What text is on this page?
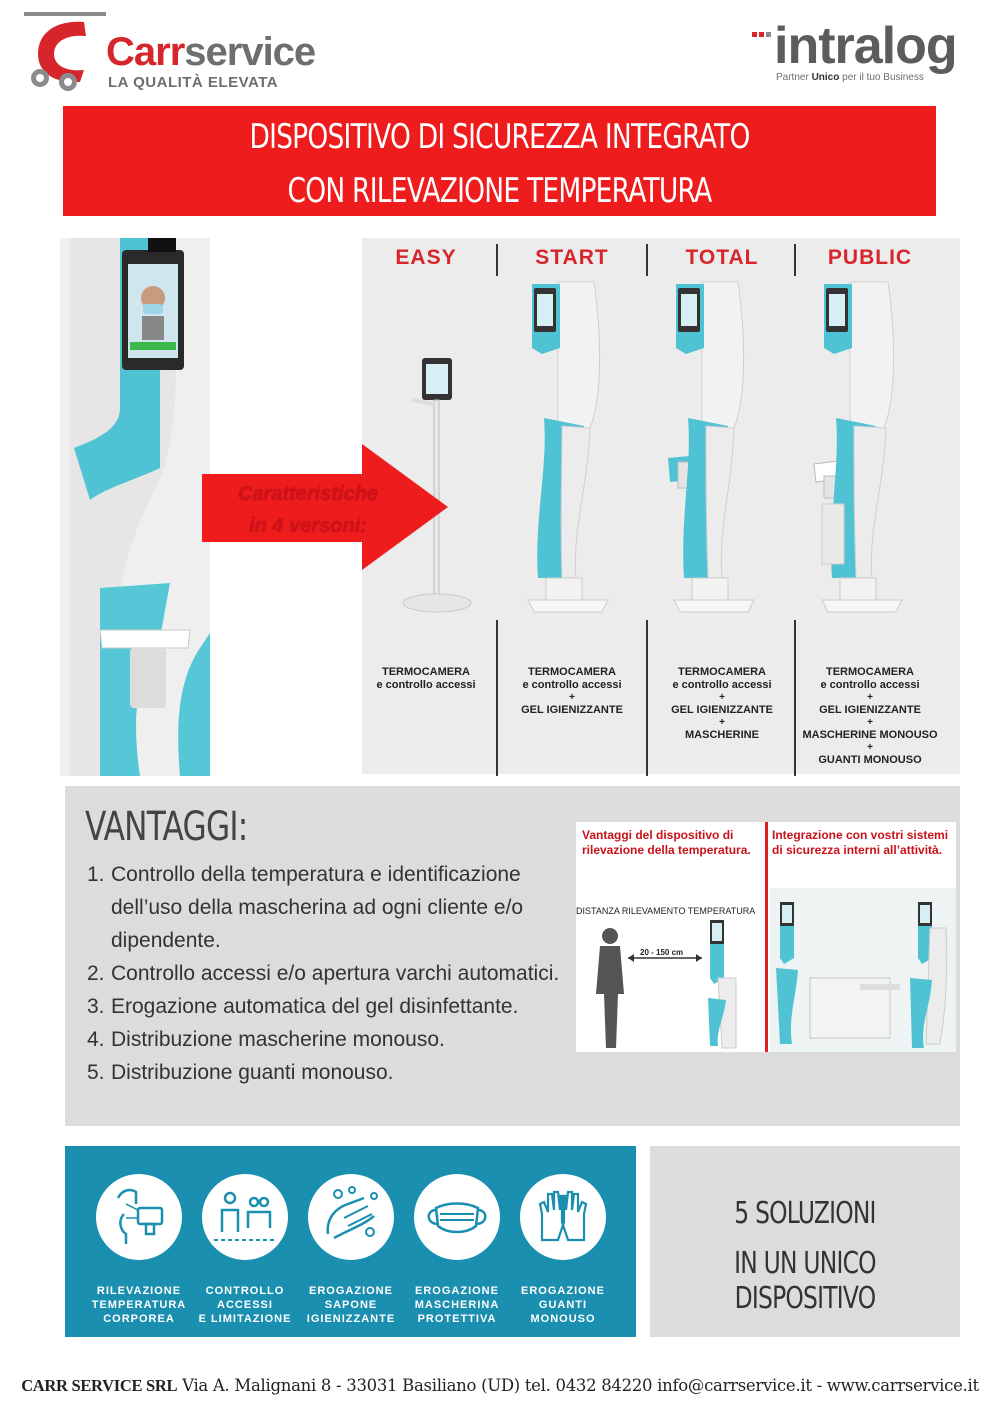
Carrservice
LA QUALITÀ ELEVATA
intralog
Partner Unico per il tuo Business
DISPOSITIVO DI SICUREZZA INTEGRATO
CON RILEVAZIONE TEMPERATURA
EASY
TERMOCAMERA
e controllo accessi
START
TERMOCAMERA
e controllo accessi
+
GEL IGIENIZZANTE
TOTAL
TERMOCAMERA
e controllo accessi
+
GEL IGIENIZZANTE
+
MASCHERINE
PUBLIC
TERMOCAMERA
e controllo accessi
+
GEL IGIENIZZANTE
+
MASCHERINE MONOUSO
+
GUANTI MONOUSO
Caratteristiche
in 4 versoni:
VANTAGGI:
1. Controllo della temperatura e identificazione dell’uso della mascherina ad ogni cliente e/o dipendente.
2. Controllo accessi e/o apertura varchi automatici.
3. Erogazione automatica del gel disinfettante.
4. Distribuzione mascherine monouso.
5. Distribuzione guanti monouso.
Vantaggi del dispositivo di rilevazione della temperatura.
Integrazione con vostri sistemi di sicurezza interni all’attività.
DISTANZA RILEVAMENTO TEMPERATURA
20 - 150 cm
RILEVAZIONE
TEMPERATURA
CORPOREA
CONTROLLO
ACCESSI
E LIMITAZIONE
EROGAZIONE
SAPONE
IGIENIZZANTE
EROGAZIONE
MASCHERINA
PROTETTIVA
EROGAZIONE
GUANTI
MONOUSO
5 SOLUZIONI
IN UN UNICO DISPOSITIVO
CARR SERVICE SRL Via A. Malignani 8 - 33031 Basiliano (UD) tel. 0432 84220 info@carrservice.it - www.carrservice.it
